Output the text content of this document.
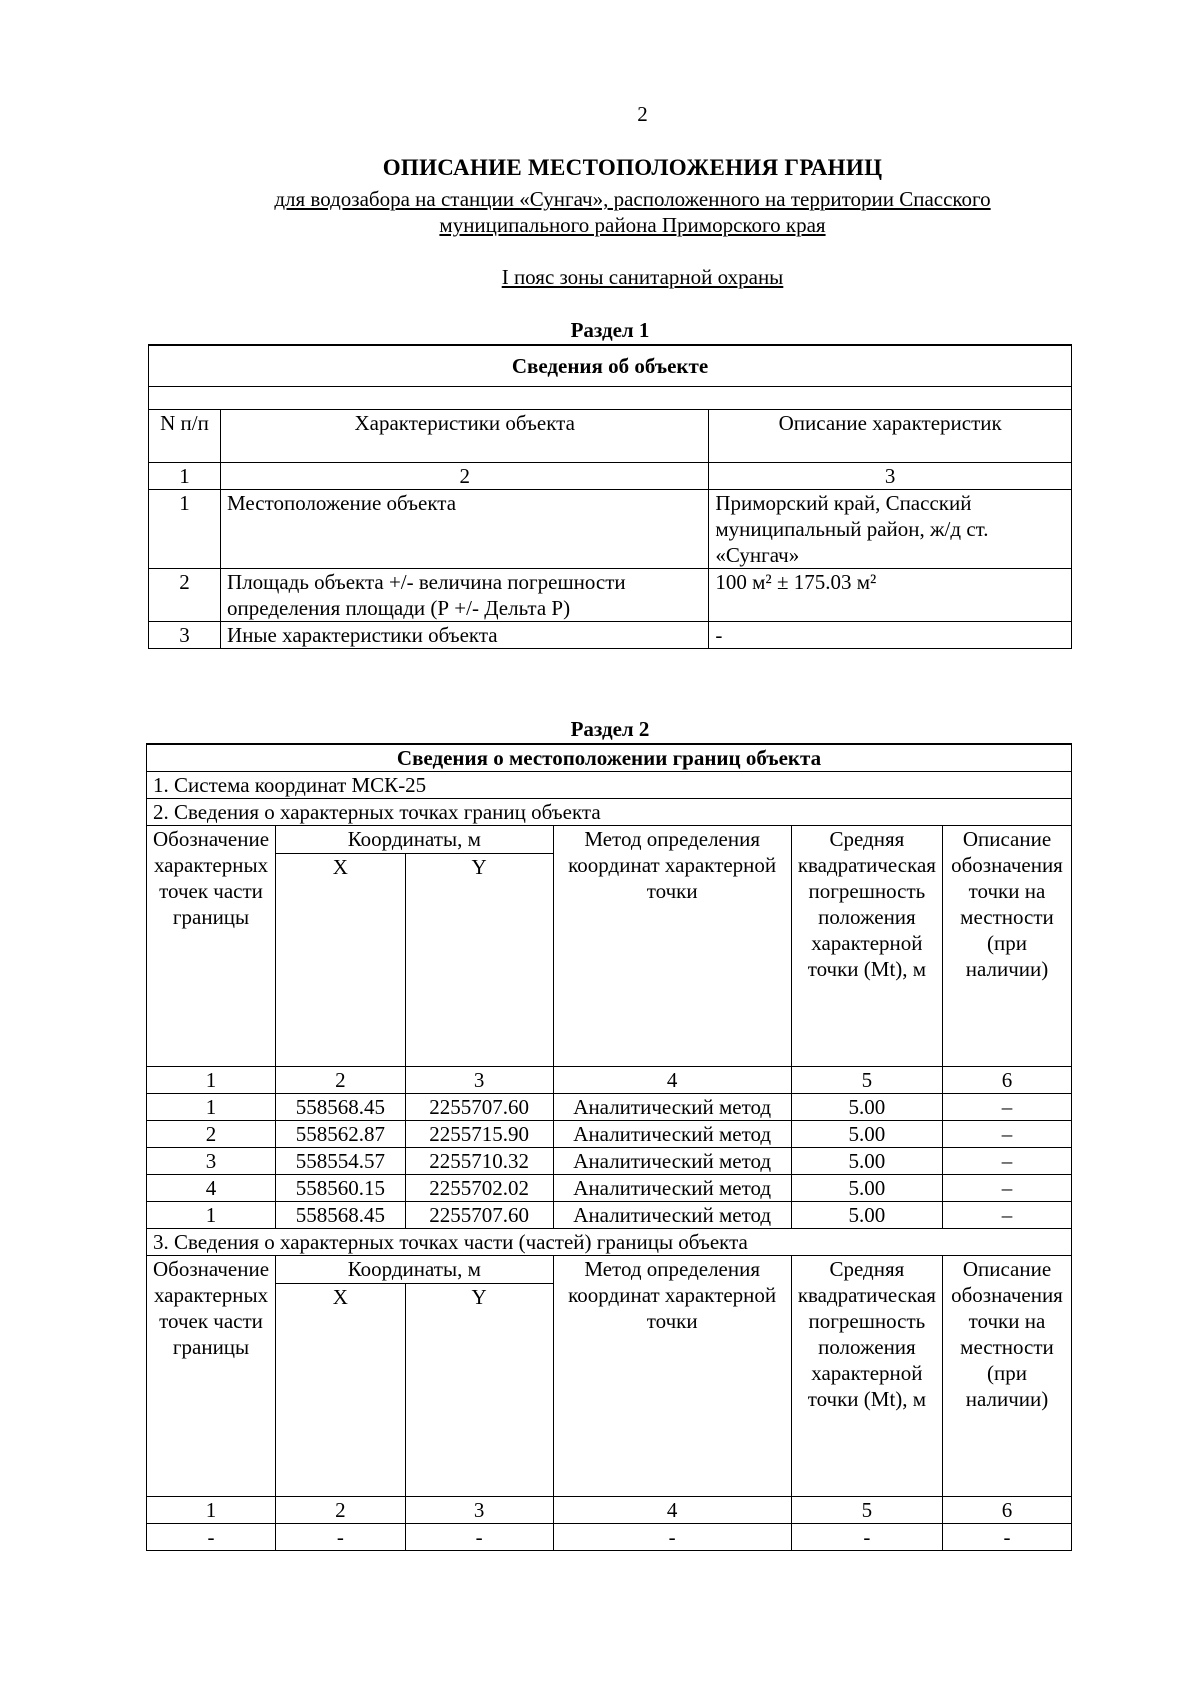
2
ОПИСАНИЕ МЕСТОПОЛОЖЕНИЯ ГРАНИЦ
для водозабора на станции «Сунгач», расположенного на территории Спасского
муниципального района Приморского края
I пояс зоны санитарной охраны
Раздел 1
Сведения об объекте		

N п/п	Характеристики объекта	Описание характеристик
1	2	3
1	Местоположение объекта	Приморский край, Спасский муниципальный район, ж/д ст. «Сунгач»
2	Площадь объекта +/- величина погрешности определения площади (Р +/- Дельта Р)	100 м² ± 175.03 м²
3	Иные характеристики объекта	-
Раздел 2
Сведения о местоположении границ объекта					
1. Система координат МСК-25					
2. Сведения о характерных точках границ объекта					
Обозначение характерных точек части границы	Координаты, м		Метод определения координат характерной точки	Средняя квадратическая погрешность положения характерной точки (Mt), м	Описание обозначения точки на местности (при наличии)
	X	Y			
1	2	3	4	5	6
1	558568.45	2255707.60	Аналитический метод	5.00	–
2	558562.87	2255715.90	Аналитический метод	5.00	–
3	558554.57	2255710.32	Аналитический метод	5.00	–
4	558560.15	2255702.02	Аналитический метод	5.00	–
1	558568.45	2255707.60	Аналитический метод	5.00	–
3. Сведения о характерных точках части (частей) границы объекта					
Обозначение характерных точек части границы	Координаты, м		Метод определения координат характерной точки	Средняя квадратическая погрешность положения характерной точки (Mt), м	Описание обозначения точки на местности (при наличии)
	X	Y			
1	2	3	4	5	6
-	-	-	-	-	-
